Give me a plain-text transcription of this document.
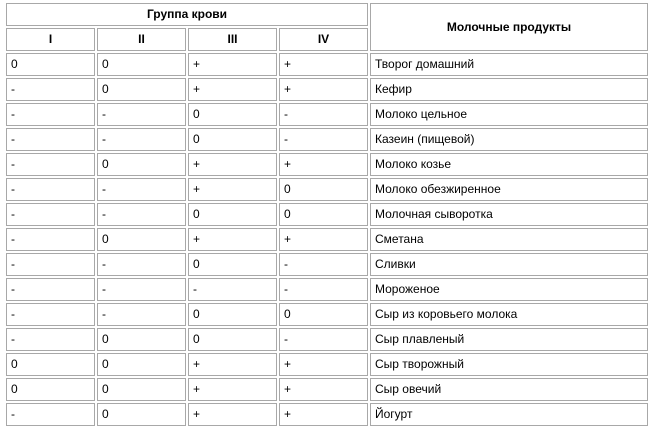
Группа крови				Молочные продукты
I	II	III	IV	
0	0	+	+	Творог домашний
-	0	+	+	Кефир
-	-	0	-	Молоко цельное
-	-	0	-	Казеин (пищевой)
-	0	+	+	Молоко козье
-	-	+	0	Молоко обезжиренное
-	-	0	0	Молочная сыворотка
-	0	+	+	Сметана
-	-	0	-	Сливки
-	-	-	-	Мороженое
-	-	0	0	Сыр из коровьего молока
-	0	0	-	Сыр плавленый
0	0	+	+	Сыр творожный
0	0	+	+	Сыр овечий
-	0	+	+	Йогурт
